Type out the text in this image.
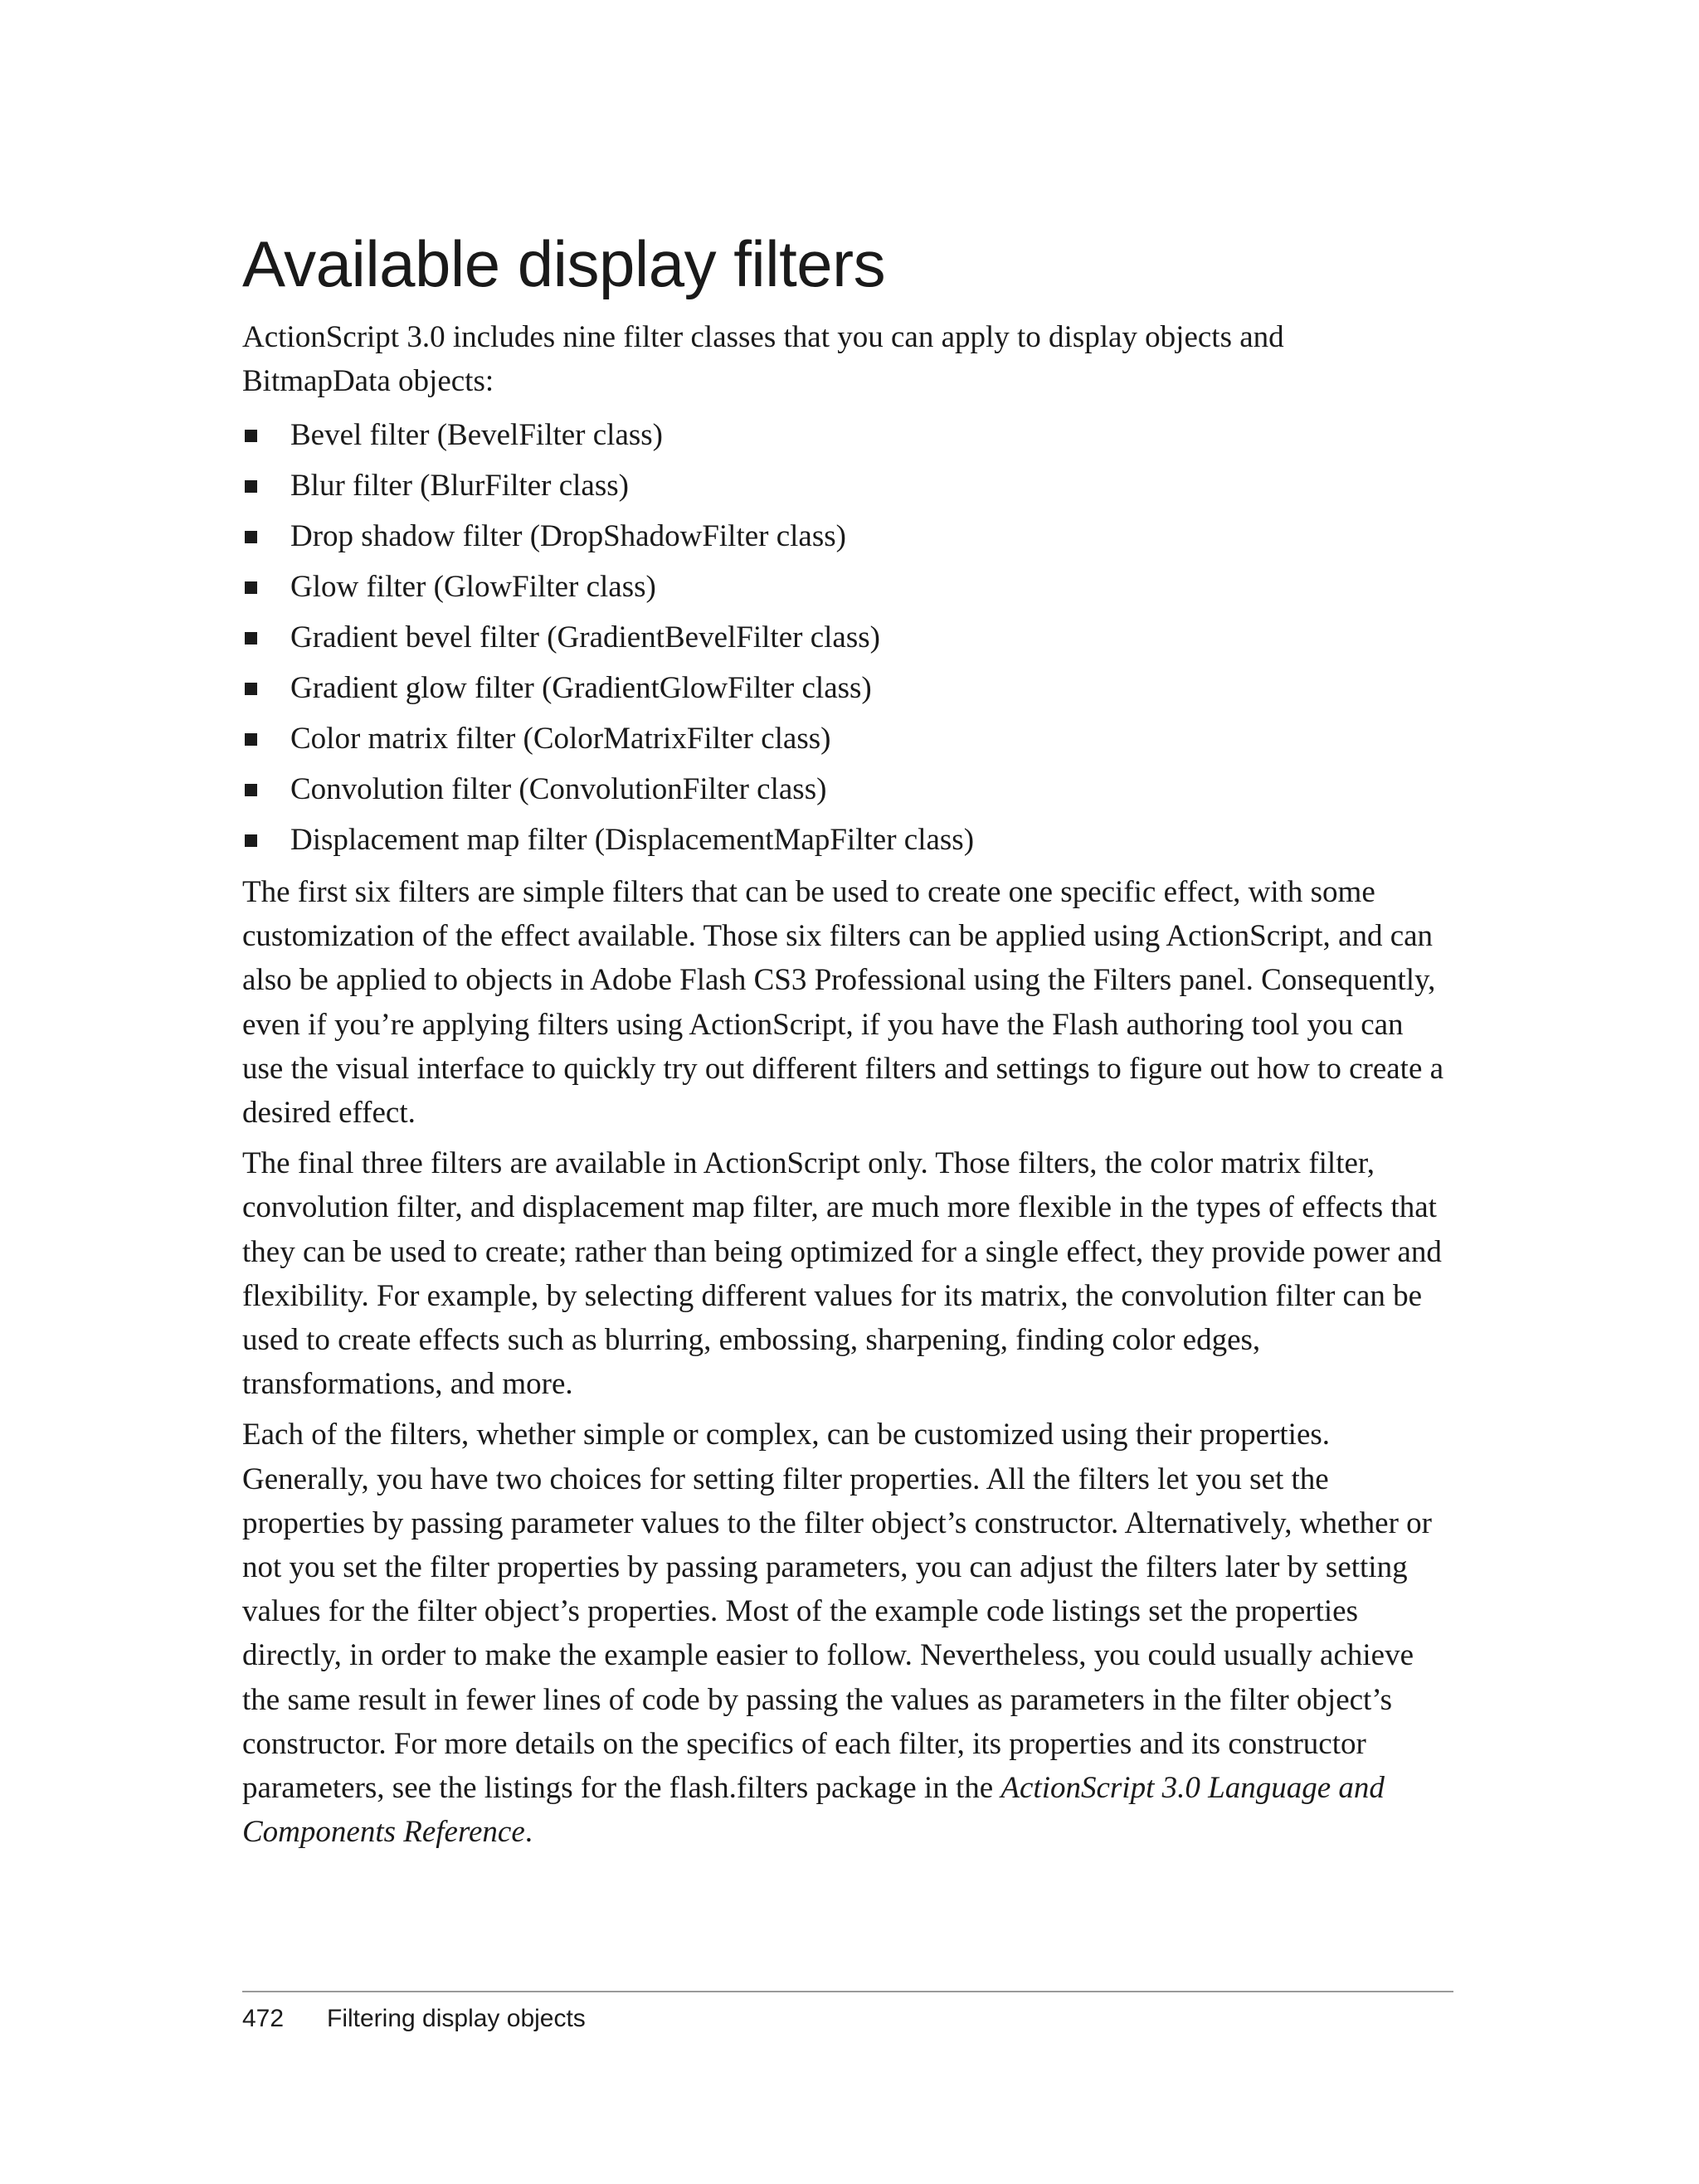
Available display filters

ActionScript 3.0 includes nine filter classes that you can apply to display objects and BitmapData objects:

Bevel filter (BevelFilter class)
Blur filter (BlurFilter class)
Drop shadow filter (DropShadowFilter class)
Glow filter (GlowFilter class)
Gradient bevel filter (GradientBevelFilter class)
Gradient glow filter (GradientGlowFilter class)
Color matrix filter (ColorMatrixFilter class)
Convolution filter (ConvolutionFilter class)
Displacement map filter (DisplacementMapFilter class)

The first six filters are simple filters that can be used to create one specific effect, with some customization of the effect available. Those six filters can be applied using ActionScript, and can also be applied to objects in Adobe Flash CS3 Professional using the Filters panel. Consequently, even if you’re applying filters using ActionScript, if you have the Flash authoring tool you can use the visual interface to quickly try out different filters and settings to figure out how to create a desired effect.

The final three filters are available in ActionScript only. Those filters, the color matrix filter, convolution filter, and displacement map filter, are much more flexible in the types of effects that they can be used to create; rather than being optimized for a single effect, they provide power and flexibility. For example, by selecting different values for its matrix, the convolution filter can be used to create effects such as blurring, embossing, sharpening, finding color edges, transformations, and more.

Each of the filters, whether simple or complex, can be customized using their properties. Generally, you have two choices for setting filter properties. All the filters let you set the properties by passing parameter values to the filter object’s constructor. Alternatively, whether or not you set the filter properties by passing parameters, you can adjust the filters later by setting values for the filter object’s properties. Most of the example code listings set the properties directly, in order to make the example easier to follow. Nevertheless, you could usually achieve the same result in fewer lines of code by passing the values as parameters in the filter object’s constructor. For more details on the specifics of each filter, its properties and its constructor parameters, see the listings for the flash.filters package in the ActionScript 3.0 Language and Components Reference.

472 Filtering display objects
